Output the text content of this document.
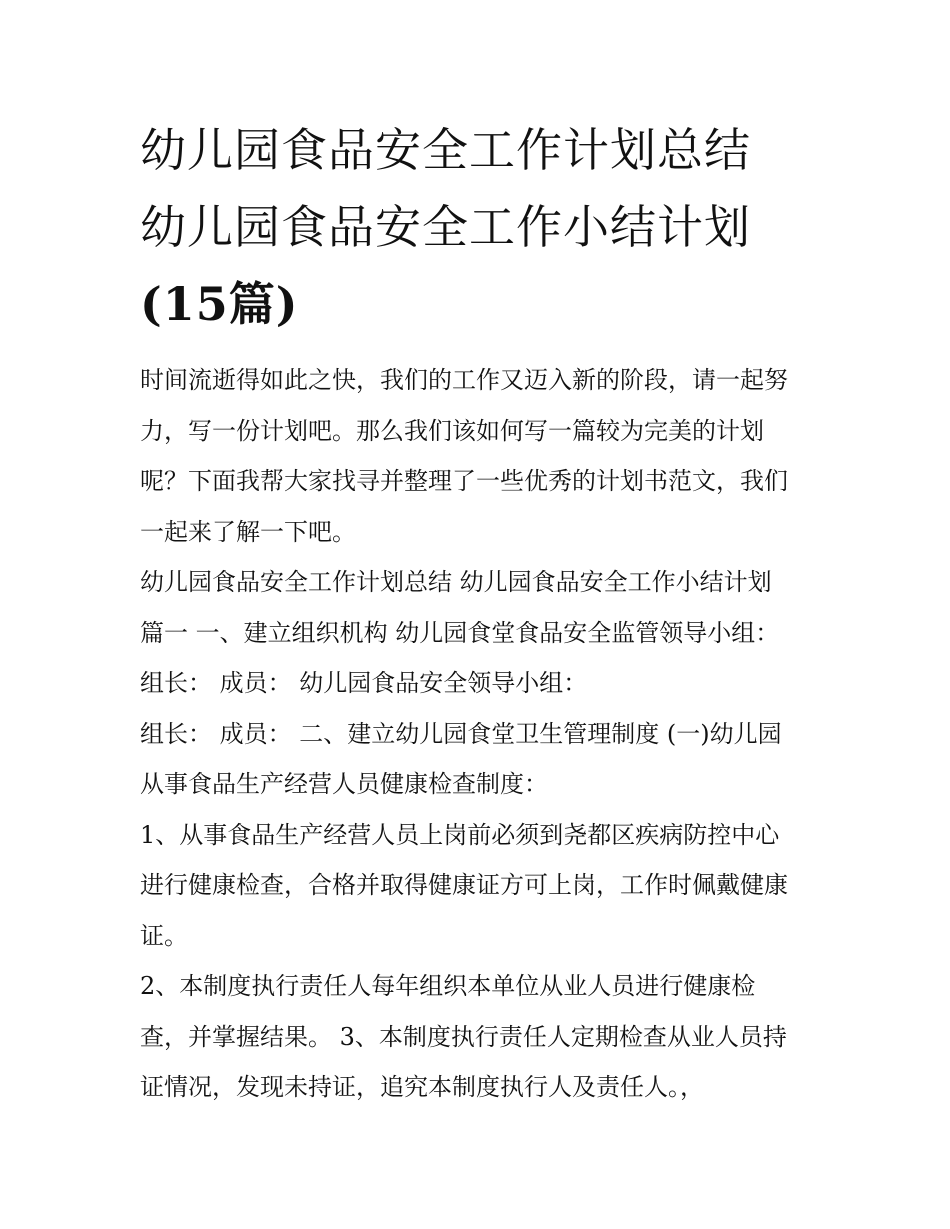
幼儿园食品安全工作计划总结
幼儿园食品安全工作小结计划
(15篇)
时间流逝得如此之快，我们的工作又迈入新的阶段，请一起努
力，写一份计划吧。那么我们该如何写一篇较为完美的计划
呢？下面我帮大家找寻并整理了一些优秀的计划书范文，我们
一起来了解一下吧。
幼儿园食品安全工作计划总结 幼儿园食品安全工作小结计划
篇一 一、建立组织机构 幼儿园食堂食品安全监管领导小组：
组长： 成员： 幼儿园食品安全领导小组：
组长： 成员： 二、建立幼儿园食堂卫生管理制度 (一)幼儿园
从事食品生产经营人员健康检查制度：
1、从事食品生产经营人员上岗前必须到尧都区疾病防控中心
进行健康检查，合格并取得健康证方可上岗，工作时佩戴健康
证。
2、本制度执行责任人每年组织本单位从业人员进行健康检
查，并掌握结果。 3、本制度执行责任人定期检查从业人员持
证情况，发现未持证，追究本制度执行人及责任人。，
